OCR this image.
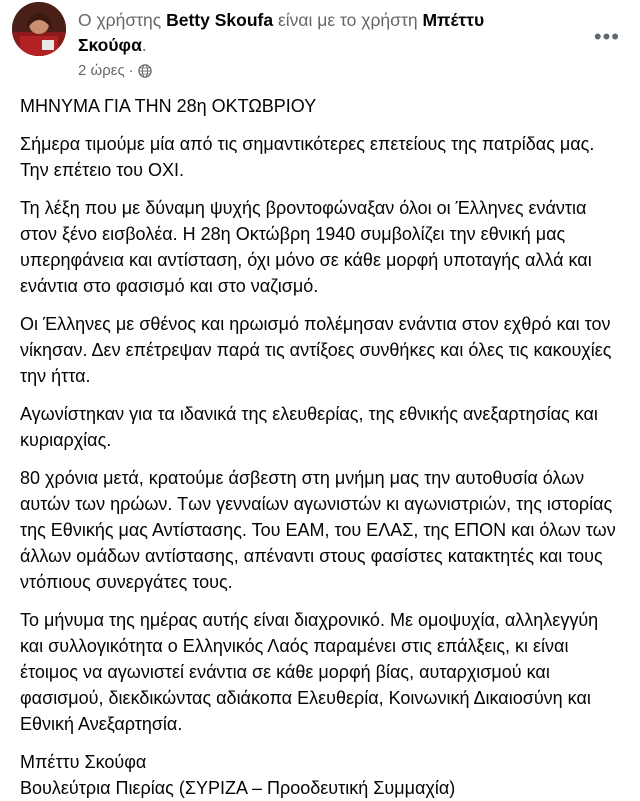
Ο χρήστης Betty Skoufa είναι με το χρήστη Μπέττυ Σκούφα.
2 ώρες ·
•••

ΜΗΝΥΜΑ ΓΙΑ ΤΗΝ 28η ΟΚΤΩΒΡΙΟΥ

Σήμερα τιμούμε μία από τις σημαντικότερες επετείους της πατρίδας μας. Την επέτειο του ΟΧΙ.

Τη λέξη που με δύναμη ψυχής βροντοφώναξαν όλοι οι Έλληνες ενάντια στον ξένο εισβολέα. Η 28η Οκτώβρη 1940 συμβολίζει την εθνική μας υπερηφάνεια και αντίσταση, όχι μόνο σε κάθε μορφή υποταγής αλλά και ενάντια στο φασισμό και στο ναζισμό.

Οι Έλληνες με σθένος και ηρωισμό πολέμησαν ενάντια στον εχθρό και τον νίκησαν. Δεν επέτρεψαν παρά τις αντίξοες συνθήκες και όλες τις κακουχίες την ήττα.

Αγωνίστηκαν για τα ιδανικά της ελευθερίας, της εθνικής ανεξαρτησίας και κυριαρχίας.

80 χρόνια μετά, κρατούμε άσβεστη στη μνήμη μας την αυτοθυσία όλων αυτών των ηρώων. Των γενναίων αγωνιστών κι αγωνιστριών, της ιστορίας της Εθνικής μας Αντίστασης. Του ΕΑΜ, του ΕΛΑΣ, της ΕΠΟΝ και όλων των άλλων ομάδων αντίστασης, απέναντι στους φασίστες κατακτητές και τους ντόπιους συνεργάτες τους.

Το μήνυμα της ημέρας αυτής είναι διαχρονικό. Με ομοψυχία, αλληλεγγύη και συλλογικότητα ο Ελληνικός Λαός παραμένει στις επάλξεις, κι είναι έτοιμος να αγωνιστεί ενάντια σε κάθε μορφή βίας, αυταρχισμού και φασισμού, διεκδικώντας αδιάκοπα Ελευθερία, Κοινωνική Δικαιοσύνη και Εθνική Ανεξαρτησία.

Μπέττυ Σκούφα

Βουλεύτρια Πιερίας (ΣΥΡΙΖΑ – Προοδευτική Συμμαχία)
